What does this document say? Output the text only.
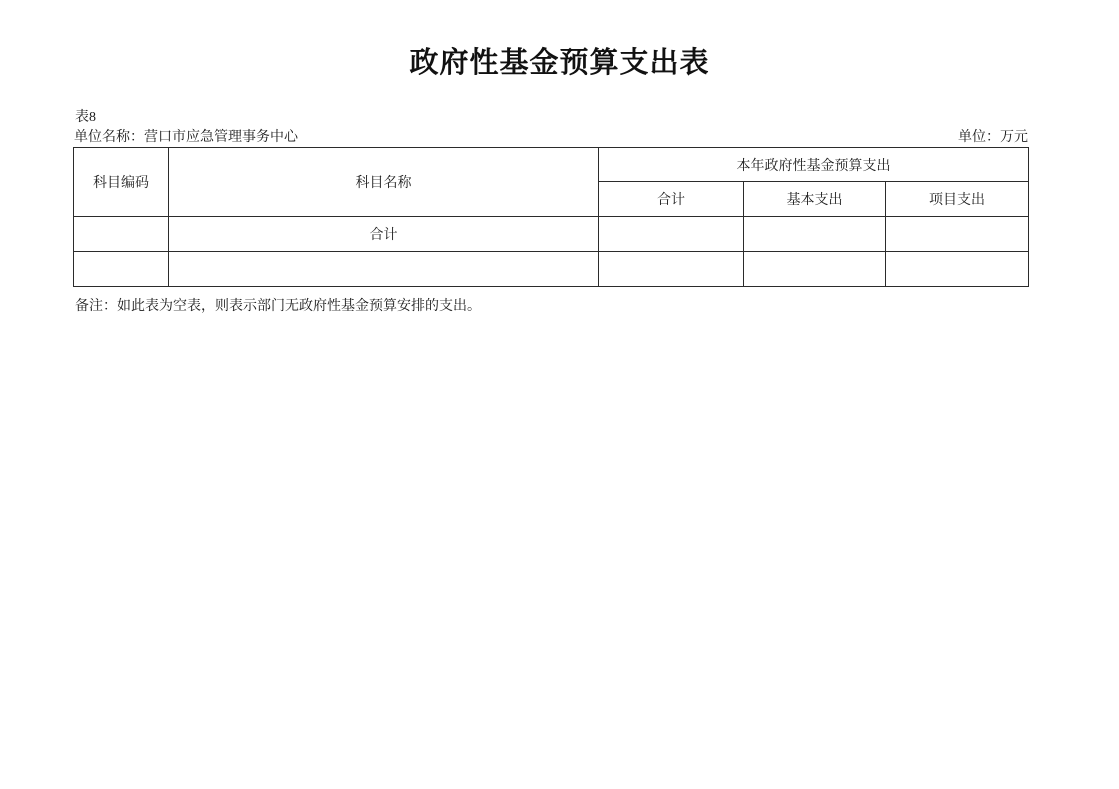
政府性基金预算支出表
表8
单位名称：营口市应急管理事务中心	单位：万元
科目编码	科目名称	本年政府性基金预算支出		
		合计	基本支出	项目支出
	合计			

备注：如此表为空表，则表示部门无政府性基金预算安排的支出。
